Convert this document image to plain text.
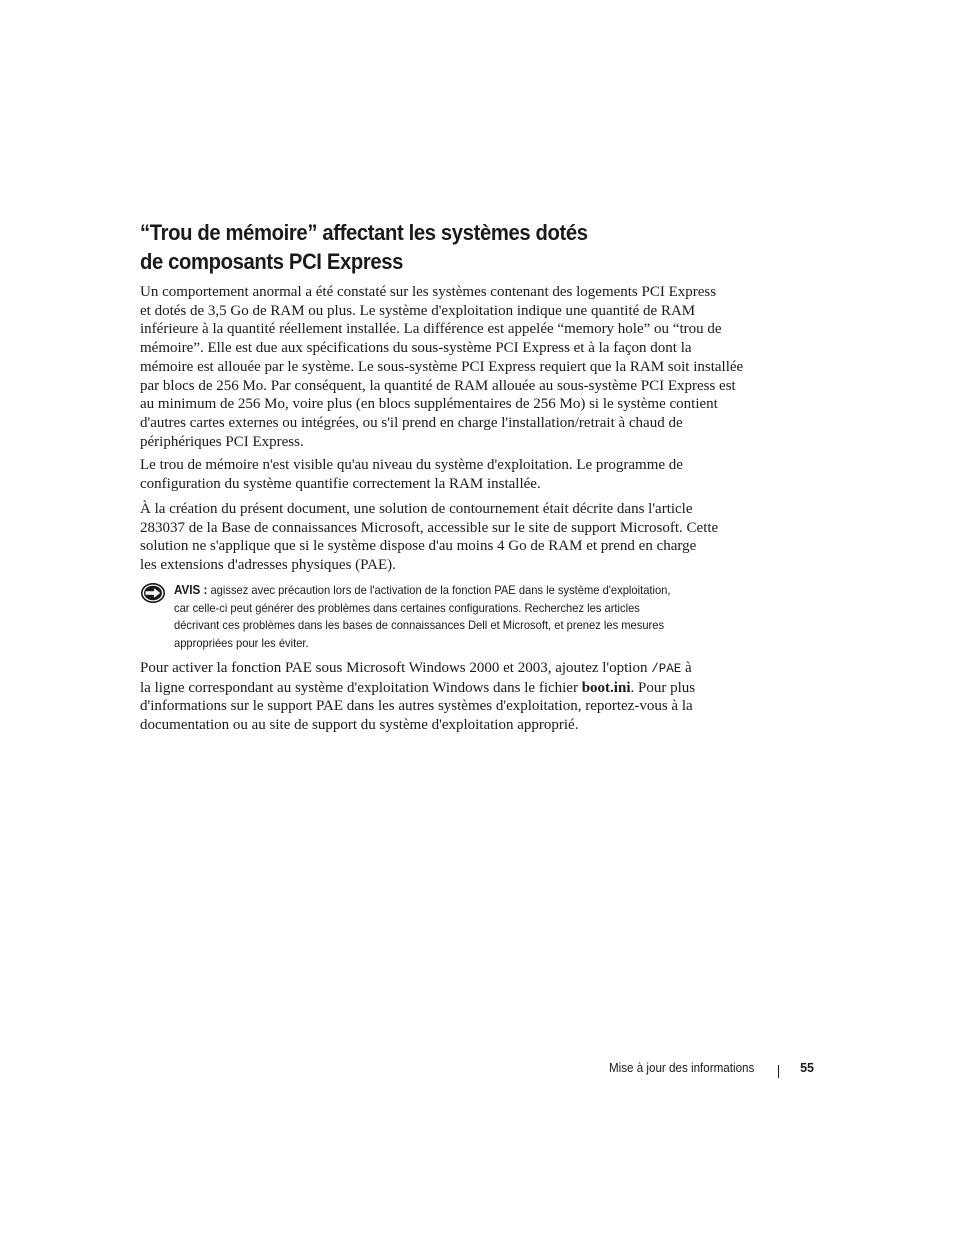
“Trou de mémoire” affectant les systèmes dotés
de composants PCI Express

Un comportement anormal a été constaté sur les systèmes contenant des logements PCI Express
et dotés de 3,5 Go de RAM ou plus. Le système d'exploitation indique une quantité de RAM
inférieure à la quantité réellement installée. La différence est appelée “memory hole” ou “trou de
mémoire”. Elle est due aux spécifications du sous-système PCI Express et à la façon dont la
mémoire est allouée par le système. Le sous-système PCI Express requiert que la RAM soit installée
par blocs de 256 Mo. Par conséquent, la quantité de RAM allouée au sous-système PCI Express est
au minimum de 256 Mo, voire plus (en blocs supplémentaires de 256 Mo) si le système contient
d'autres cartes externes ou intégrées, ou s'il prend en charge l'installation/retrait à chaud de
périphériques PCI Express.

Le trou de mémoire n'est visible qu'au niveau du système d'exploitation. Le programme de
configuration du système quantifie correctement la RAM installée.

À la création du présent document, une solution de contournement était décrite dans l'article
283037 de la Base de connaissances Microsoft, accessible sur le site de support Microsoft. Cette
solution ne s'applique que si le système dispose d'au moins 4 Go de RAM et prend en charge
les extensions d'adresses physiques (PAE).

AVIS : agissez avec précaution lors de l'activation de la fonction PAE dans le système d'exploitation,
car celle-ci peut générer des problèmes dans certaines configurations. Recherchez les articles
décrivant ces problèmes dans les bases de connaissances Dell et Microsoft, et prenez les mesures
appropriées pour les éviter.

Pour activer la fonction PAE sous Microsoft Windows 2000 et 2003, ajoutez l'option /PAE à
la ligne correspondant au système d'exploitation Windows dans le fichier boot.ini. Pour plus
d'informations sur le support PAE dans les autres systèmes d'exploitation, reportez-vous à la
documentation ou au site de support du système d'exploitation approprié.

Mise à jour des informations	55
